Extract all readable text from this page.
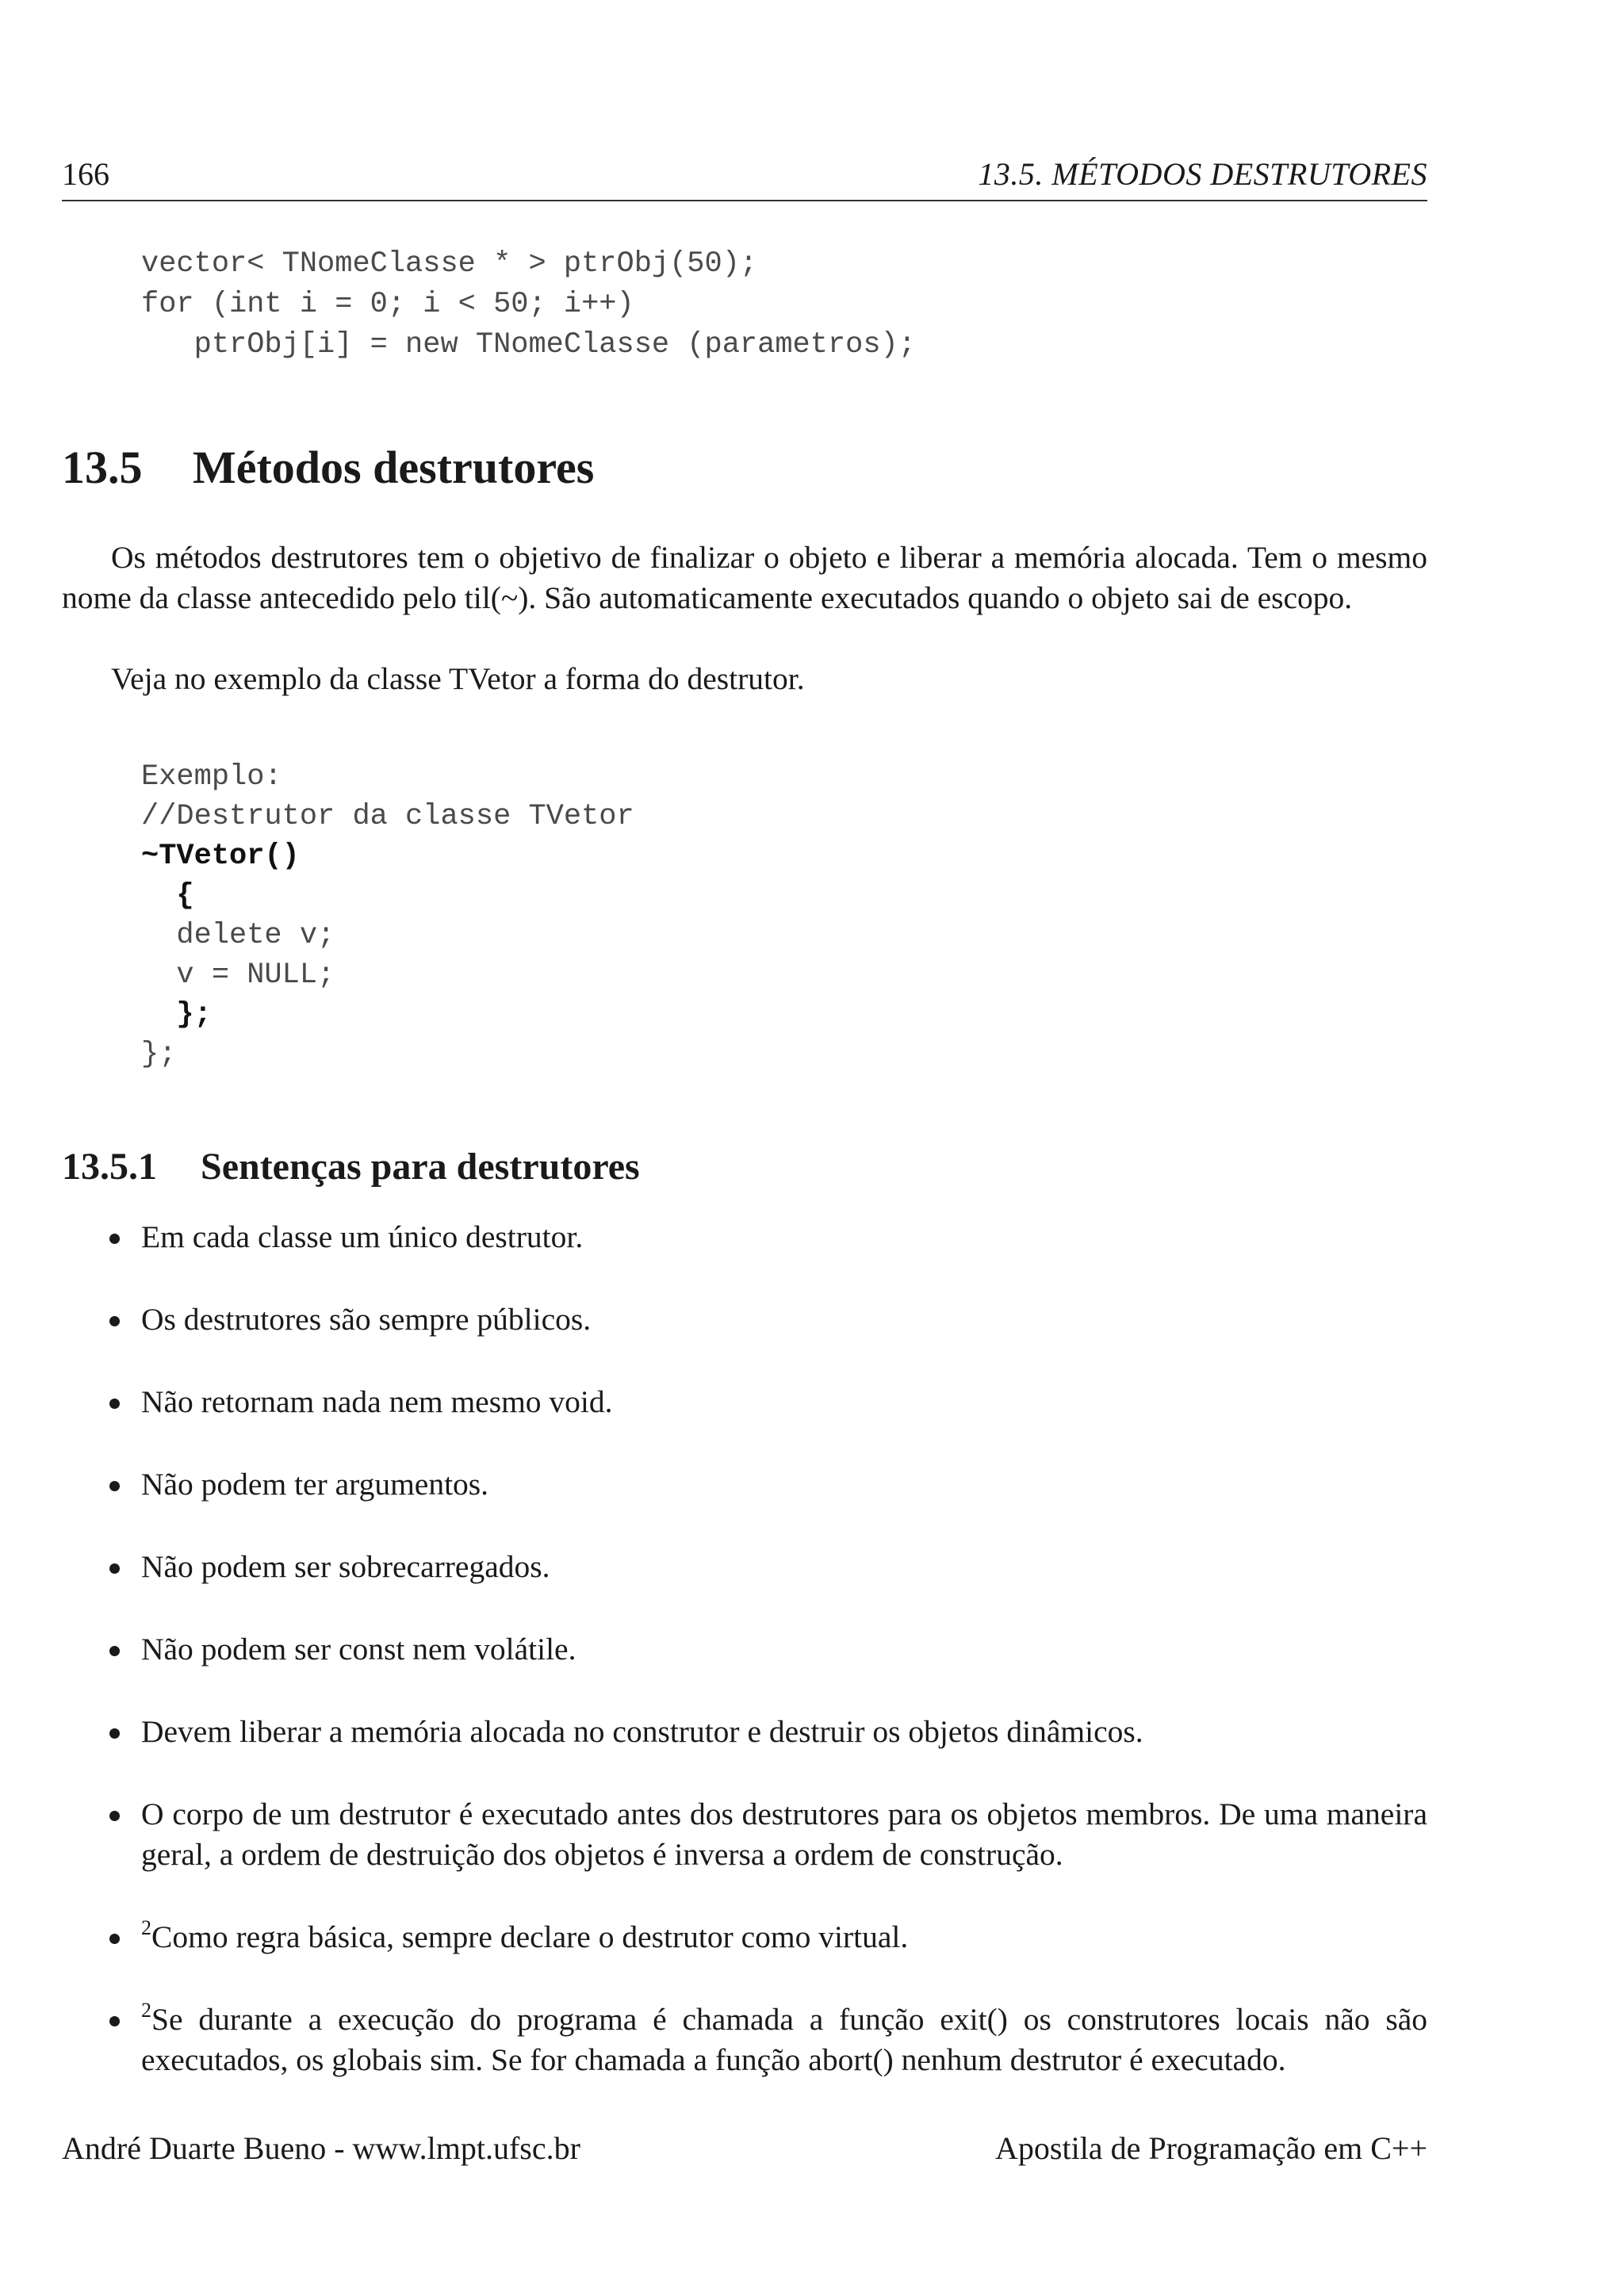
166	13.5. MÉTODOS DESTRUTORES
vector< TNomeClasse * > ptrObj(50);
for (int i = 0; i < 50; i++)
ptrObj[i] = new TNomeClasse (parametros);
13.5 Métodos destrutores
Os métodos destrutores tem o objetivo de finalizar o objeto e liberar a memória alocada. Tem o mesmo nome da classe antecedido pelo til(~). São automaticamente executados quando o objeto sai de escopo.
Veja no exemplo da classe TVetor a forma do destrutor.
Exemplo:
//Destrutor da classe TVetor
~TVetor()
{
delete v;
v = NULL;
};
};
13.5.1 Sentenças para destrutores
Em cada classe um único destrutor.
Os destrutores são sempre públicos.
Não retornam nada nem mesmo void.
Não podem ter argumentos.
Não podem ser sobrecarregados.
Não podem ser const nem volátile.
Devem liberar a memória alocada no construtor e destruir os objetos dinâmicos.
O corpo de um destrutor é executado antes dos destrutores para os objetos membros. De uma maneira geral, a ordem de destruição dos objetos é inversa a ordem de construção.
$^2$Como regra básica, sempre declare o destrutor como virtual.
$^2$Se durante a execução do programa é chamada a função exit() os construtores locais não são executados, os globais sim. Se for chamada a função abort() nenhum destrutor é executado.
André Duarte Bueno - www.lmpt.ufsc.br	Apostila de Programação em C++
